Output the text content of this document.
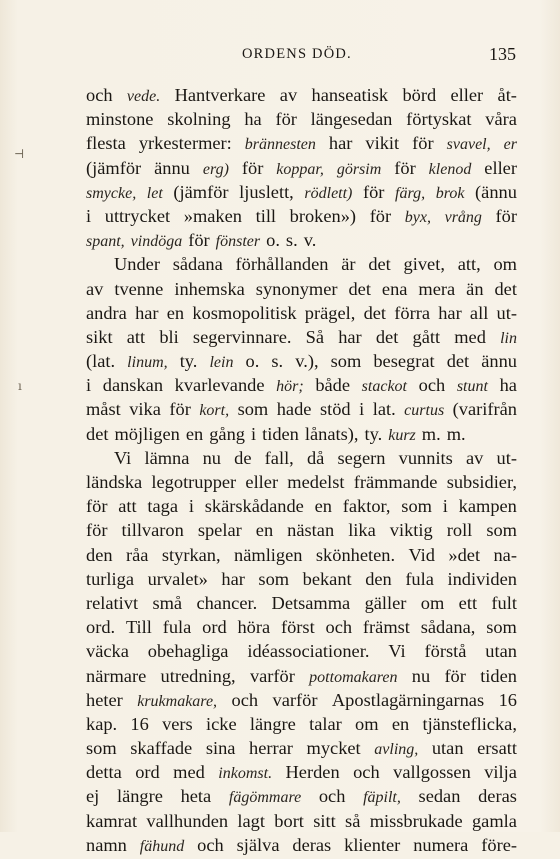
ORDENS DÖD.	135
⊣
ı
och vede. Hantverkare av hanseatisk börd eller åt-
minstone skolning ha för längesedan förtyskat våra
flesta yrkestermer: brännesten har vikit för svavel, er
(jämför ännu erg) för koppar, görsim för klenod eller
smycke, let (jämför ljuslett, rödlett) för färg, brok (ännu
i uttrycket »maken till broken») för byx, vrång för
spant, vindöga för fönster o. s. v.
Under sådana förhållanden är det givet, att, om
av tvenne inhemska synonymer det ena mera än det
andra har en kosmopolitisk prägel, det förra har all ut-
sikt att bli segervinnare. Så har det gått med lin
(lat. linum, ty. lein o. s. v.), som besegrat det ännu
i danskan kvarlevande hör; både stackot och stunt ha
måst vika för kort, som hade stöd i lat. curtus (varifrån
det möjligen en gång i tiden lånats), ty. kurz m. m.
Vi lämna nu de fall, då segern vunnits av ut-
ländska legotrupper eller medelst främmande subsidier,
för att taga i skärskådande en faktor, som i kampen
för tillvaron spelar en nästan lika viktig roll som
den råa styrkan, nämligen skönheten. Vid »det na-
turliga urvalet» har som bekant den fula individen
relativt små chancer. Detsamma gäller om ett fult
ord. Till fula ord höra först och främst sådana, som
väcka obehagliga idéassociationer. Vi förstå utan
närmare utredning, varför pottomakaren nu för tiden
heter krukmakare, och varför Apostlagärningarnas 16
kap. 16 vers icke längre talar om en tjänsteflicka,
som skaffade sina herrar mycket avling, utan ersatt
detta ord med inkomst. Herden och vallgossen vilja
ej längre heta fägömmare och fäpilt, sedan deras
kamrat vallhunden lagt bort sitt så missbrukade gamla
namn fähund och själva deras klienter numera före-
